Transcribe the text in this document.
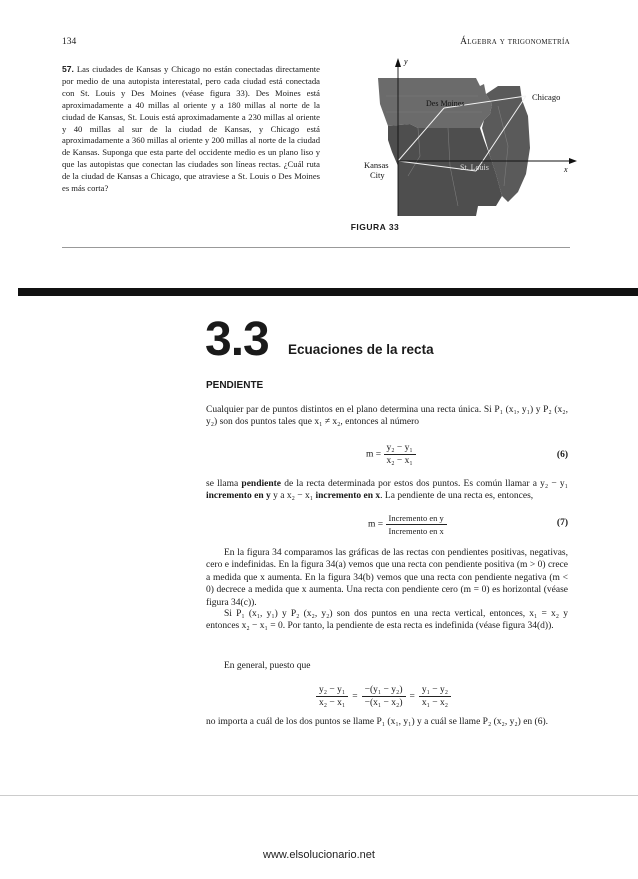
134	Álgebra y trigonometría
57. Las ciudades de Kansas y Chicago no están conectadas directamente por medio de una autopista interestatal, pero cada ciudad está conectada con St. Louis y Des Moines (véase figura 33). Des Moines está aproximadamente a 40 millas al oriente y a 180 millas al norte de la ciudad de Kansas, St. Louis está aproximadamente a 230 millas al oriente y 40 millas al sur de la ciudad de Kansas, y Chicago está aproximadamente a 360 millas al oriente y 200 millas al norte de la ciudad de Kansas. Suponga que esta parte del occidente medio es un plano liso y que las autopistas que conectan las ciudades son líneas rectas. ¿Cuál ruta de la ciudad de Kansas a Chicago, que atraviese a St. Louis o Des Moines es más corta?
y
x
Des Moines
Chicago
Kansas
City
St. Louis
FIGURA 33
3.3 Ecuaciones de la recta
PENDIENTE
Cualquier par de puntos distintos en el plano determina una recta única. Si P₁ (x₁, y₁) y P₂ (x₂, y₂) son dos puntos tales que x₁ ≠ x₂, entonces al número
$m = \frac{\text{y₂ − y₁}}{\text{x₂ − x₁}}$	(6)
se llama pendiente de la recta determinada por estos dos puntos. Es común llamar a y₂ − y₁ incremento en y y a x₂ − x₁ incremento en x. La pendiente de una recta es, entonces,
$m = \frac{\text{Incremento en y}}{\text{Incremento en x}}$	(7)
En la figura 34 comparamos las gráficas de las rectas con pendientes positivas, negativas, cero e indefinidas. En la figura 34(a) vemos que una recta con pendiente positiva (m > 0) crece a medida que x aumenta. En la figura 34(b) vemos que una recta con pendiente negativa (m < 0) decrece a medida que x aumenta. Una recta con pendiente cero (m = 0) es horizontal (véase figura 34(c)).
Si P₁ (x₁, y₁) y P₂ (x₂, y₂) son dos puntos en una recta vertical, entonces, x₁ = x₂ y entonces x₂ − x₁ = 0. Por tanto, la pendiente de esta recta es indefinida (véase figura 34(d)).
En general, puesto que
$\frac{\text{y₂ − y₁}}{\text{x₂ − x₁}} = \frac{\text{−(y₁ − y₂)}}{\text{−(x₁ − x₂)}} = \frac{\text{y₁ − y₂}}{\text{x₁ − x₂}}$
no importa a cuál de los dos puntos se llame P₁ (x₁, y₁) y a cuál se llame P₂ (x₂, y₂) en (6).
www.elsolucionario.net
